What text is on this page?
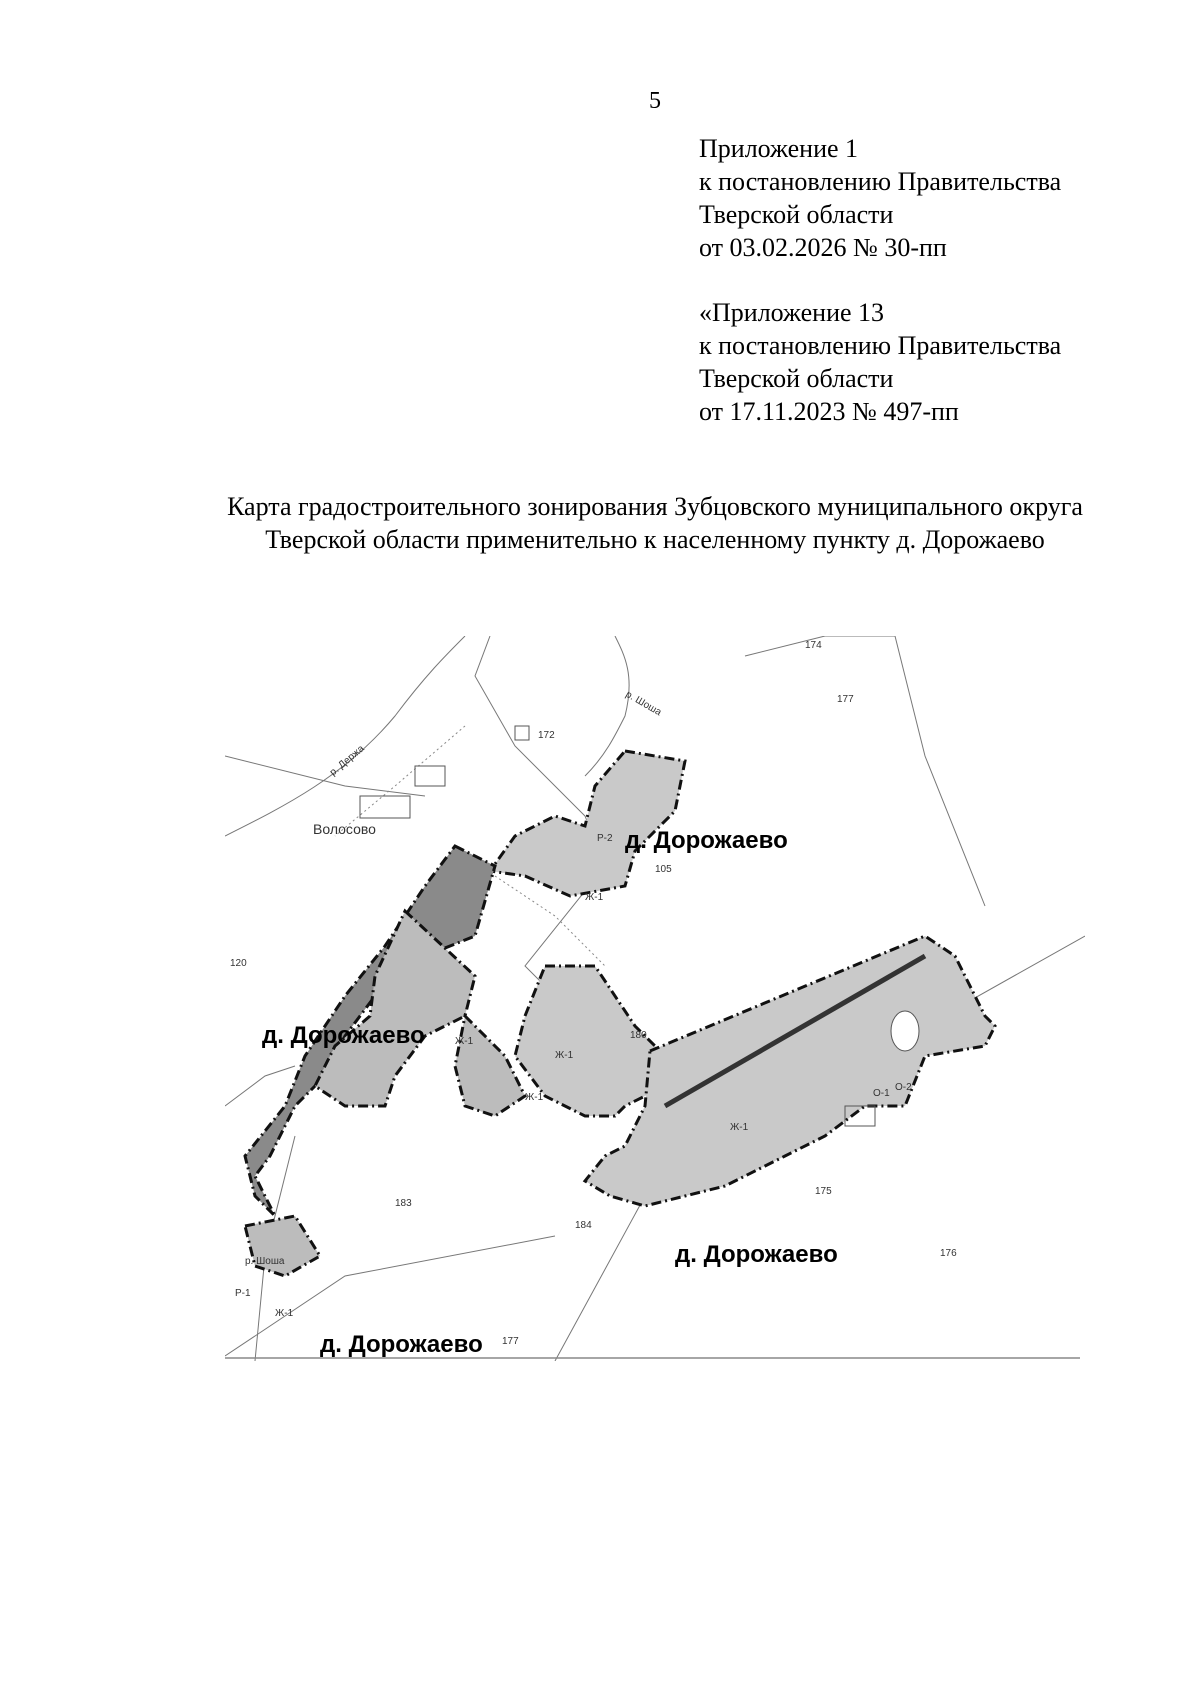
5
Приложение 1
к постановлению Правительства
Тверской области
от 03.02.2026 № 30-пп
«Приложение 13
к постановлению Правительства
Тверской области
от 17.11.2023 № 497-пп
Карта градостроительного зонирования Зубцовского муниципального округа
Тверской области применительно к населенному пункту д. Дорожаево
д. Дорожаево
д. Дорожаево
д. Дорожаево
д. Дорожаево
Волосово
р. Шоша
р. Шоша
р. Держа
Ж-1
Ж-1
Ж-1
Ж-1
Ж-1
Ж-1
О-1
О-2
Р-2
Р-1
174
177
172
105
120
180
183
184
175
176
177
